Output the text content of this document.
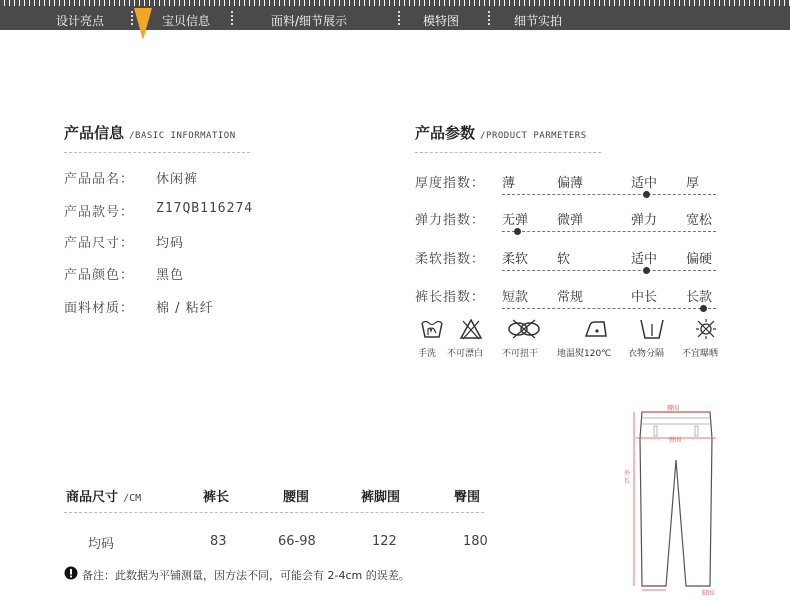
设计亮点	宝贝信息	面料/细节展示	模特图	细节实拍
产品信息 /BASIC INFORMATION
产品品名： 休闲裤
产品款号： Z17QB116274
产品尺寸： 均码
产品颜色： 黑色
面料材质： 棉 / 粘纤
产品参数 /PRODUCT PARMETERS
厚度指数： 薄	偏薄	适中 厚
弹力指数： 无弹 微弹	弹力 宽松
柔软指数： 柔软 软	适中 偏硬
裤长指数： 短款 常规	中长 长款
手洗 不可漂白 不可扭干 地温熨120℃ 衣物分隔 不宜曝晒
商品尺寸 /CM	裤长	腰围	裤脚围	臀围
均码	83	66-98	122	180
备注：此数据为平铺测量，因方法不同，可能会有 2-4cm 的误差。
腰围
臀围
外长
脚围
